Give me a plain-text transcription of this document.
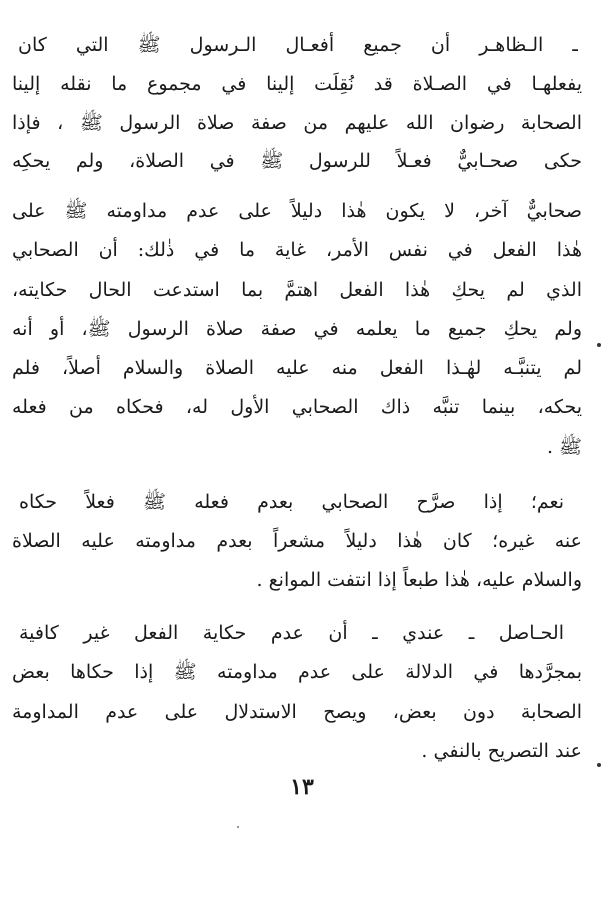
ـ الـظاهـر أن جميع أفعـال الـرسول ﷺ التي كان
يفعلهـا في الصـلاة قد نُقِلَت إلينا في مجموع ما نقله إلينا
الصحابة رضوان الله عليهم من صفة صلاة الرسول ﷺ ، فإذا
حكى صحـابيٌّ فعـلاً للرسول ﷺ في الصلاة، ولم يحكِه
صحابيٌّ آخر، لا يكون هٰذا دليلاً على عدم مداومته ﷺ على
هٰذا الفعل في نفس الأمر، غاية ما في ذٰلك: أن الصحابي
الذي لم يحكِ هٰذا الفعل اهتمَّ بما استدعت الحال حكايته،
ولم يحكِ جميع ما يعلمه في صفة صلاة الرسول ﷺ، أو أنه
لم يتنبَّـه لهٰـذا الفعل منه عليه الصلاة والسلام أصلاً، فلم
يحكه، بينما تنبَّه ذاك الصحابي الأول له، فحكاه من فعله
ﷺ .
نعم؛ إذا صرَّح الصحابي بعدم فعله ﷺ فعلاً حكاه
عنه غيره؛ كان هٰذا دليلاً مشعراً بعدم مداومته عليه الصلاة
والسلام عليه، هٰذا طبعاً إذا انتفت الموانع .
الحـاصل ـ عندي ـ أن عدم حكاية الفعل غير كافية
بمجرَّدها في الدلالة على عدم مداومته ﷺ إذا حكاها بعض
الصحابة دون بعض، ويصح الاستدلال على عدم المداومة
عند التصريح بالنفي .
١٣
